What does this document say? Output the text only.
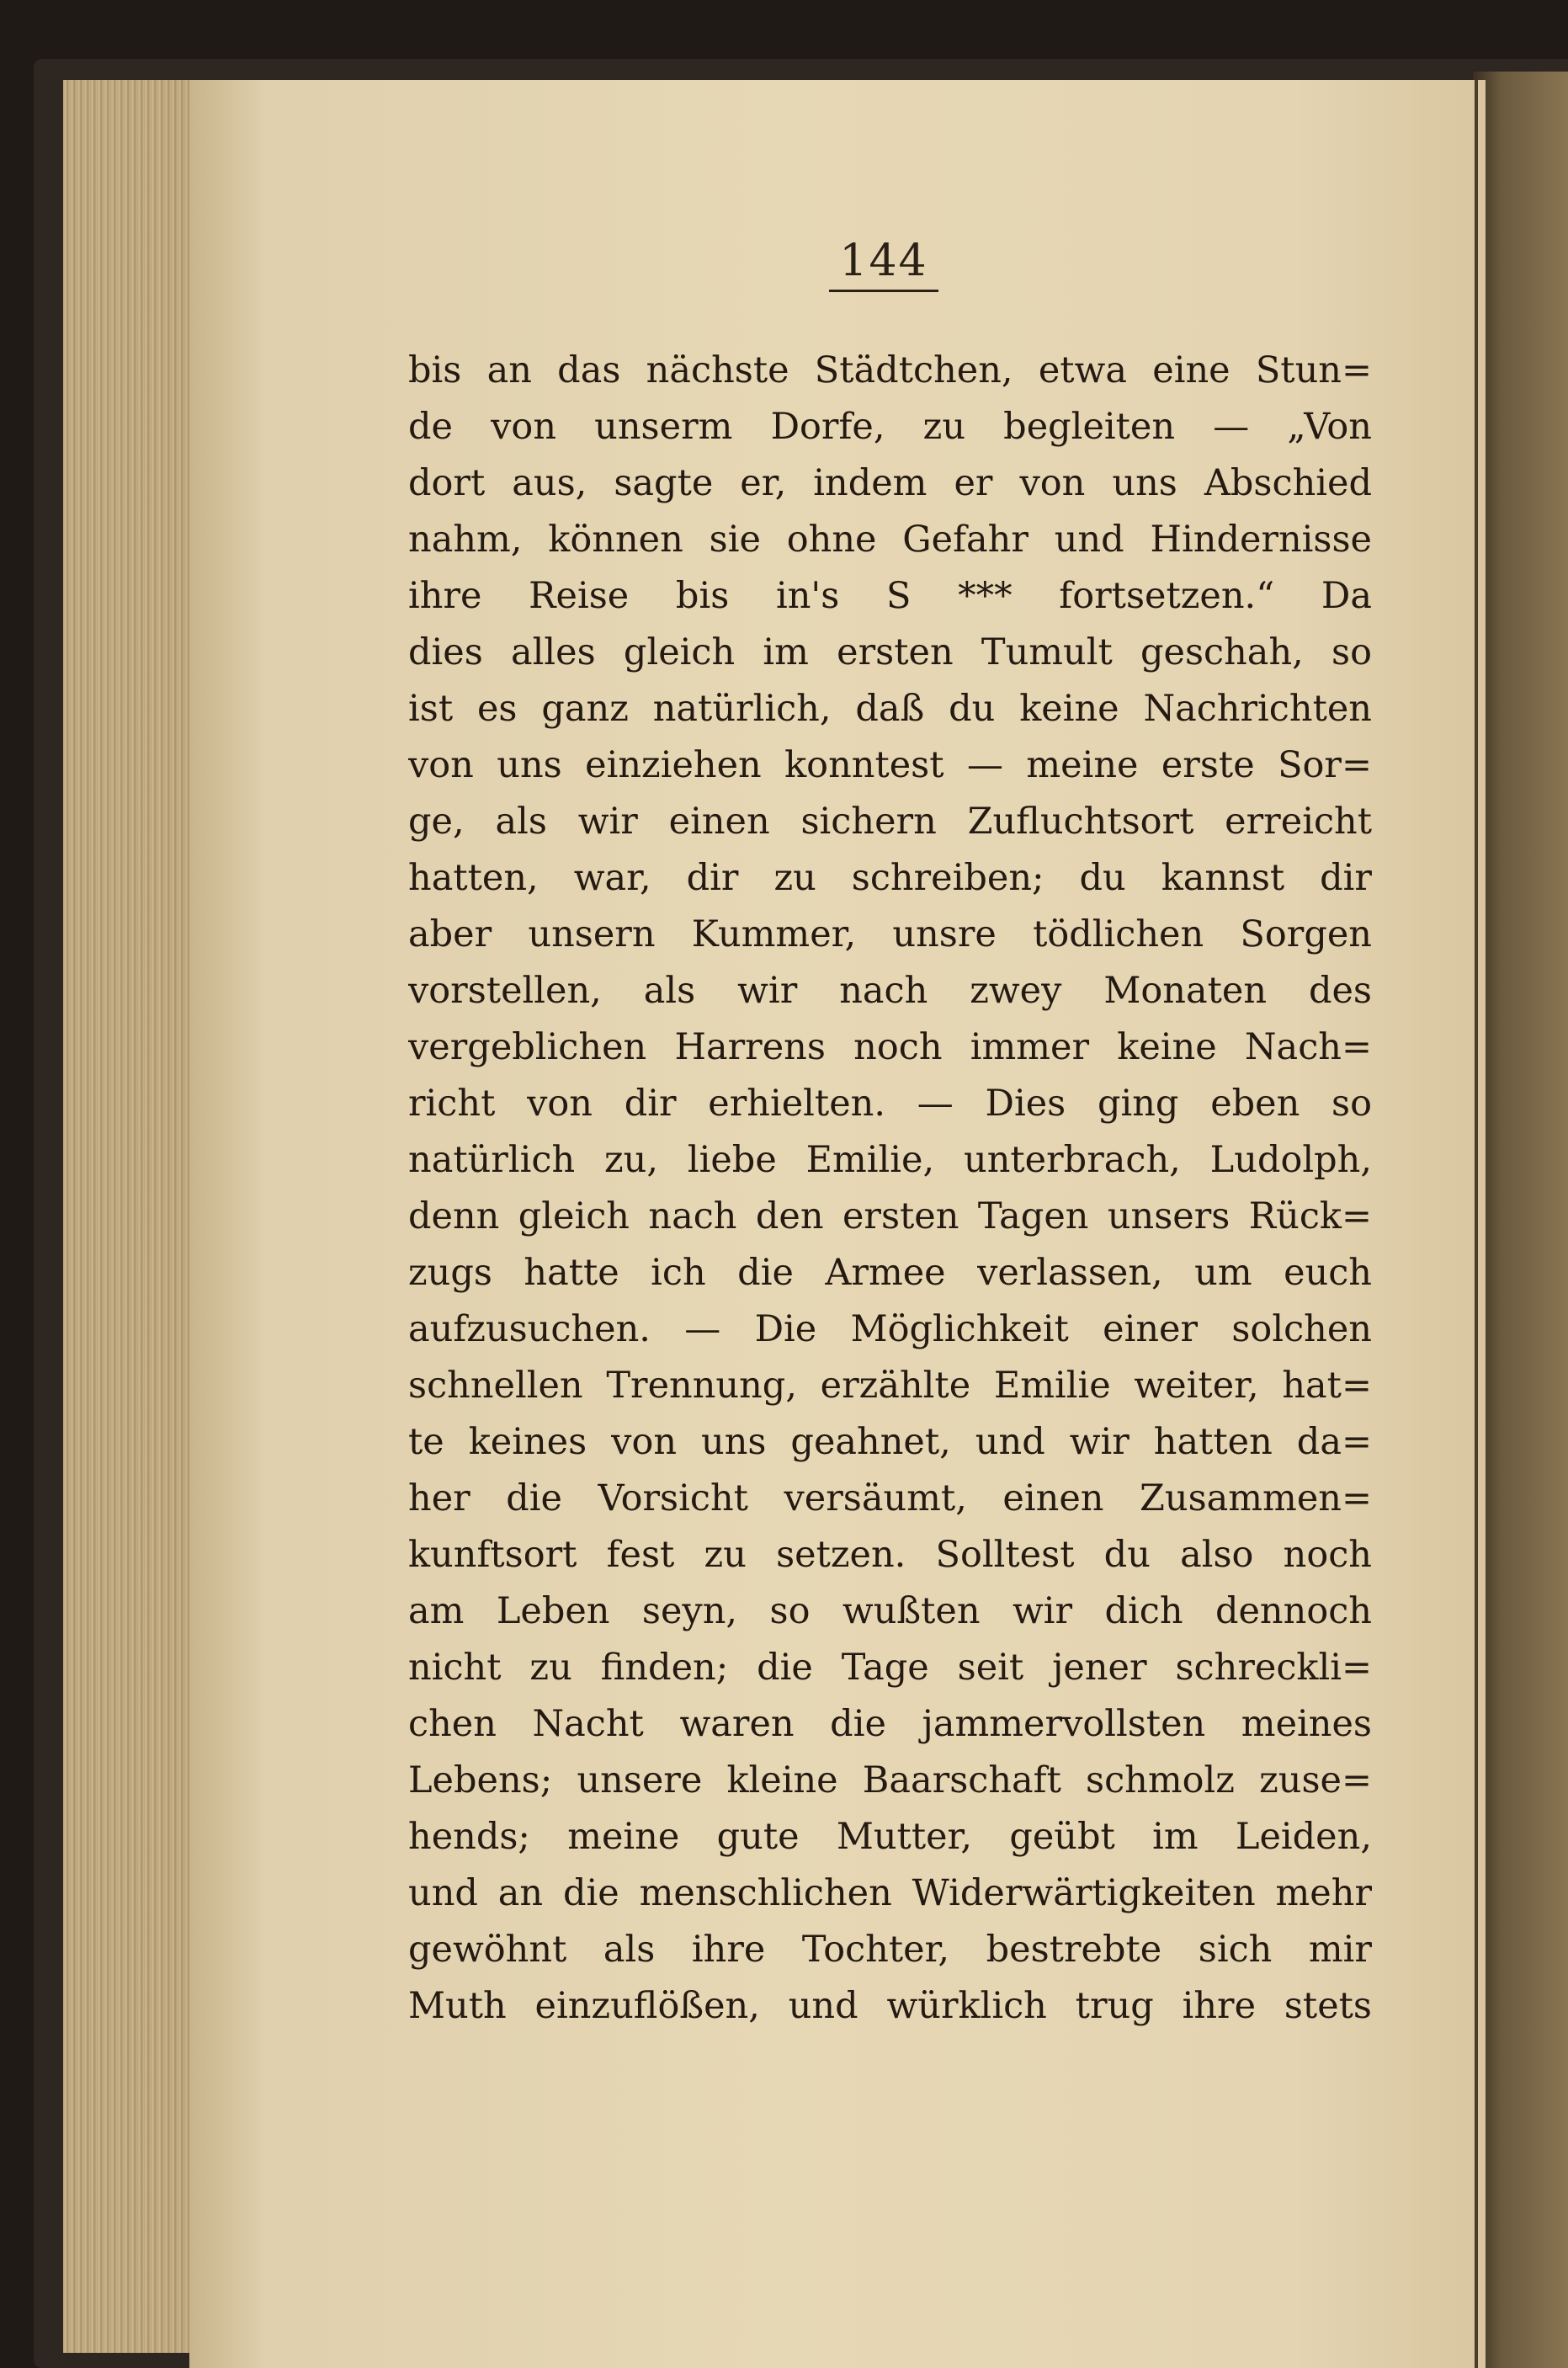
144
bis an das nächste Städtchen, etwa eine Stun=
de von unserm Dorfe, zu begleiten — „Von
dort aus, sagte er, indem er von uns Abschied
nahm, können sie ohne Gefahr und Hindernisse
ihre Reise bis in's S *** fortsetzen.“ Da
dies alles gleich im ersten Tumult geschah, so
ist es ganz natürlich, daß du keine Nachrichten
von uns einziehen konntest — meine erste Sor=
ge, als wir einen sichern Zufluchtsort erreicht
hatten, war, dir zu schreiben; du kannst dir
aber unsern Kummer, unsre tödlichen Sorgen
vorstellen, als wir nach zwey Monaten des
vergeblichen Harrens noch immer keine Nach=
richt von dir erhielten. — Dies ging eben so
natürlich zu, liebe Emilie, unterbrach, Ludolph,
denn gleich nach den ersten Tagen unsers Rück=
zugs hatte ich die Armee verlassen, um euch
aufzusuchen. — Die Möglichkeit einer solchen
schnellen Trennung, erzählte Emilie weiter, hat=
te keines von uns geahnet, und wir hatten da=
her die Vorsicht versäumt, einen Zusammen=
kunftsort fest zu setzen. Solltest du also noch
am Leben seyn, so wußten wir dich dennoch
nicht zu finden; die Tage seit jener schreckli=
chen Nacht waren die jammervollsten meines
Lebens; unsere kleine Baarschaft schmolz zuse=
hends; meine gute Mutter, geübt im Leiden,
und an die menschlichen Widerwärtigkeiten mehr
gewöhnt als ihre Tochter, bestrebte sich mir
Muth einzuflößen, und würklich trug ihre stets
